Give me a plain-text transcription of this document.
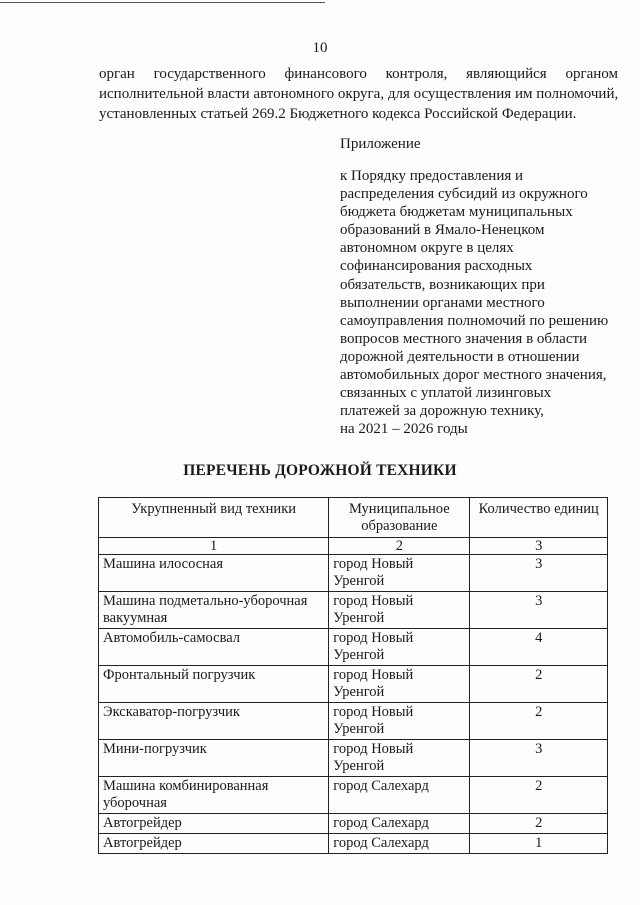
10
орган государственного финансового контроля, являющийся органом
исполнительной власти автономного округа, для осуществления им полномочий,
установленных статьей 269.2 Бюджетного кодекса Российской Федерации.
Приложение
к Порядку предоставления и
распределения субсидий из окружного
бюджета бюджетам муниципальных
образований в Ямало-Ненецком
автономном округе в целях
софинансирования расходных
обязательств, возникающих при
выполнении органами местного
самоуправления полномочий по решению
вопросов местного значения в области
дорожной деятельности в отношении
автомобильных дорог местного значения,
связанных с уплатой лизинговых
платежей за дорожную технику,
на 2021 – 2026 годы
ПЕРЕЧЕНЬ ДОРОЖНОЙ ТЕХНИКИ
Укрупненный вид техники	Муниципальное образование	Количество единиц
1	2	3
Машина илососная	город Новый Уренгой	3
Машина подметально-уборочная вакуумная	город Новый Уренгой	3
Автомобиль-самосвал	город Новый Уренгой	4
Фронтальный погрузчик	город Новый Уренгой	2
Экскаватор-погрузчик	город Новый Уренгой	2
Мини-погрузчик	город Новый Уренгой	3
Машина комбинированная уборочная	город Салехард	2
Автогрейдер	город Салехард	2
Автогрейдер	город Салехард	1
